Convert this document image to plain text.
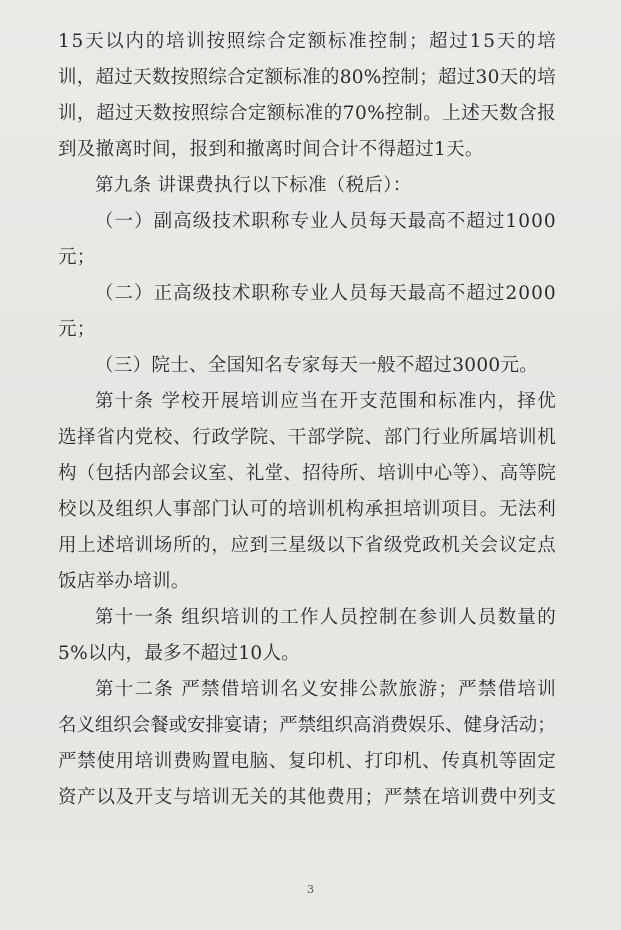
15天以内的培训按照综合定额标准控制；超过15天的培
训，超过天数按照综合定额标准的80%控制；超过30天的培
训，超过天数按照综合定额标准的70%控制。上述天数含报
到及撤离时间，报到和撤离时间合计不得超过1天。
第九条 讲课费执行以下标准（税后）：
（一）副高级技术职称专业人员每天最高不超过1000
元；
（二）正高级技术职称专业人员每天最高不超过2000
元；
（三）院士、全国知名专家每天一般不超过3000元。
第十条 学校开展培训应当在开支范围和标准内，择优
选择省内党校、行政学院、干部学院、部门行业所属培训机
构（包括内部会议室、礼堂、招待所、培训中心等）、高等院
校以及组织人事部门认可的培训机构承担培训项目。无法利
用上述培训场所的，应到三星级以下省级党政机关会议定点
饭店举办培训。
第十一条 组织培训的工作人员控制在参训人员数量的
5%以内，最多不超过10人。
第十二条 严禁借培训名义安排公款旅游；严禁借培训
名义组织会餐或安排宴请；严禁组织高消费娱乐、健身活动；
严禁使用培训费购置电脑、复印机、打印机、传真机等固定
资产以及开支与培训无关的其他费用；严禁在培训费中列支
3
